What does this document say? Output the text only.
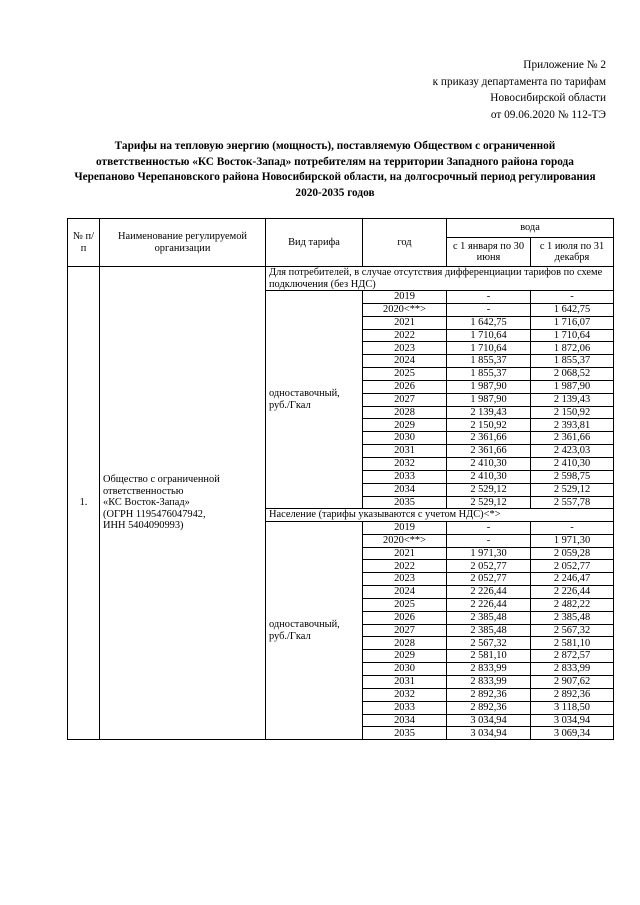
Приложение № 2
к приказу департамента по тарифам
Новосибирской области
от 09.06.2020 № 112-ТЭ
Тарифы на тепловую энергию (мощность), поставляемую Обществом с ограниченной ответственностью «КС Восток-Запад» потребителям на территории Западного района города Черепаново Черепановского района Новосибирской области, на долгосрочный период регулирования 2020-2035 годов
№ п/п	Наименование регулируемой организации	Вид тарифа	год	вода	
				с 1 января по 30 июня	с 1 июля по 31 декабря
1.	Общество с ограниченной
ответственностью
«КС Восток-Запад»
(ОГРН 1195476047942,
ИНН 5404090993)	Для потребителей, в случае отсутствия дифференциации тарифов по схеме подключения (без НДС)			

		одноставочный,
руб./Гкал	2019	-	-
			2020<**>	-	1 642,75
			2021	1 642,75	1 716,07
			2022	1 710,64	1 710,64
			2023	1 710,64	1 872,06
			2024	1 855,37	1 855,37
			2025	1 855,37	2 068,52
			2026	1 987,90	1 987,90
			2027	1 987,90	2 139,43
			2028	2 139,43	2 150,92
			2029	2 150,92	2 393,81
			2030	2 361,66	2 361,66
			2031	2 361,66	2 423,03
			2032	2 410,30	2 410,30
			2033	2 410,30	2 598,75
			2034	2 529,12	2 529,12
			2035	2 529,12	2 557,78
		Население (тарифы указываются с учетом НДС)<*>			

		одноставочный,
руб./Гкал	2019	-	-
			2020<**>	-	1 971,30
			2021	1 971,30	2 059,28
			2022	2 052,77	2 052,77
			2023	2 052,77	2 246,47
			2024	2 226,44	2 226,44
			2025	2 226,44	2 482,22
			2026	2 385,48	2 385,48
			2027	2 385,48	2 567,32
			2028	2 567,32	2 581,10
			2029	2 581,10	2 872,57
			2030	2 833,99	2 833,99
			2031	2 833,99	2 907,62
			2032	2 892,36	2 892,36
			2033	2 892,36	3 118,50
			2034	3 034,94	3 034,94
			2035	3 034,94	3 069,34
